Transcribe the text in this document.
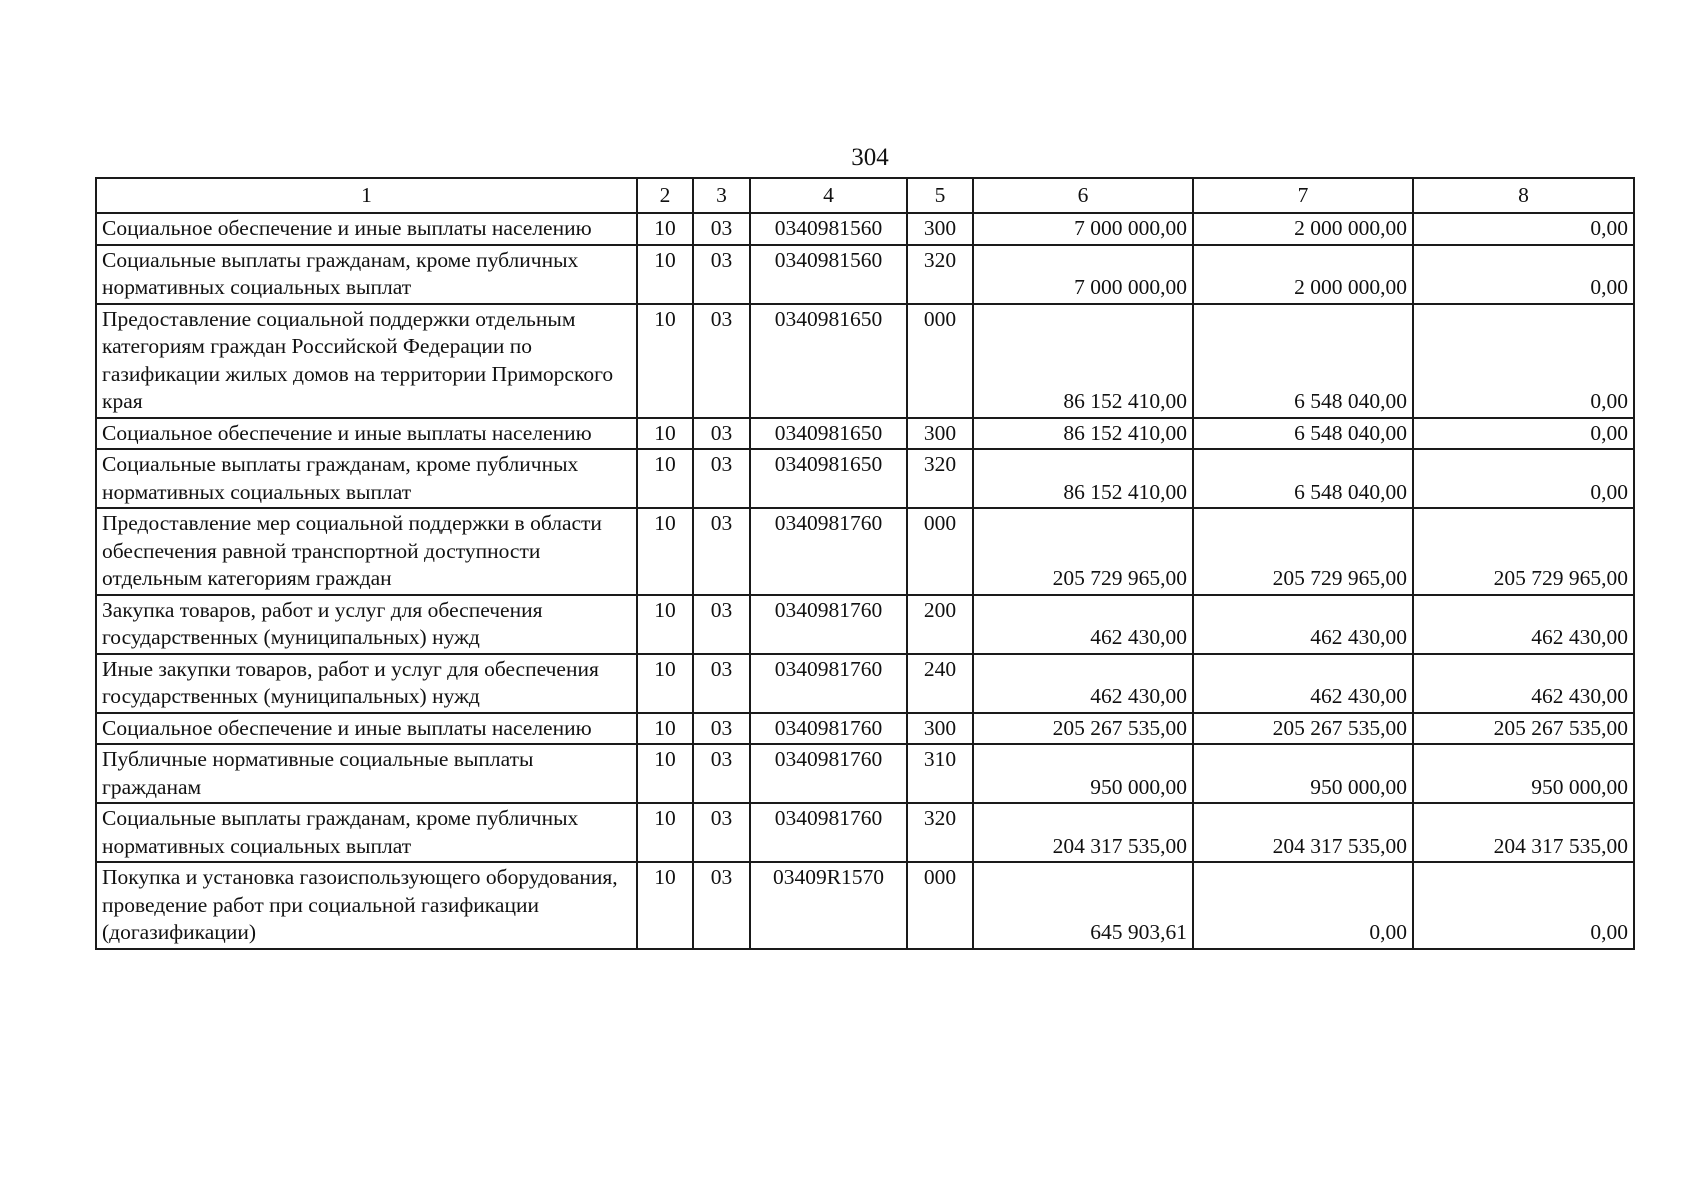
304
1	2	3	4	5	6	7	8
Социальное обеспечение и иные выплаты населению	10	03	0340981560	300	7 000 000,00	2 000 000,00	0,00
Социальные выплаты гражданам, кроме публичных нормативных социальных выплат	10	03	0340981560	320	7 000 000,00	2 000 000,00	0,00
Предоставление социальной поддержки отдельным категориям граждан Российской Федерации по газификации жилых домов на территории Приморского края	10	03	0340981650	000	86 152 410,00	6 548 040,00	0,00
Социальное обеспечение и иные выплаты населению	10	03	0340981650	300	86 152 410,00	6 548 040,00	0,00
Социальные выплаты гражданам, кроме публичных нормативных социальных выплат	10	03	0340981650	320	86 152 410,00	6 548 040,00	0,00
Предоставление мер социальной поддержки в области обеспечения равной транспортной доступности отдельным категориям граждан	10	03	0340981760	000	205 729 965,00	205 729 965,00	205 729 965,00
Закупка товаров, работ и услуг для обеспечения государственных (муниципальных) нужд	10	03	0340981760	200	462 430,00	462 430,00	462 430,00
Иные закупки товаров, работ и услуг для обеспечения государственных (муниципальных) нужд	10	03	0340981760	240	462 430,00	462 430,00	462 430,00
Социальное обеспечение и иные выплаты населению	10	03	0340981760	300	205 267 535,00	205 267 535,00	205 267 535,00
Публичные нормативные социальные выплаты гражданам	10	03	0340981760	310	950 000,00	950 000,00	950 000,00
Социальные выплаты гражданам, кроме публичных нормативных социальных выплат	10	03	0340981760	320	204 317 535,00	204 317 535,00	204 317 535,00
Покупка и установка газоиспользующего оборудования, проведение работ при социальной газификации (догазификации)	10	03	03409R1570	000	645 903,61	0,00	0,00
